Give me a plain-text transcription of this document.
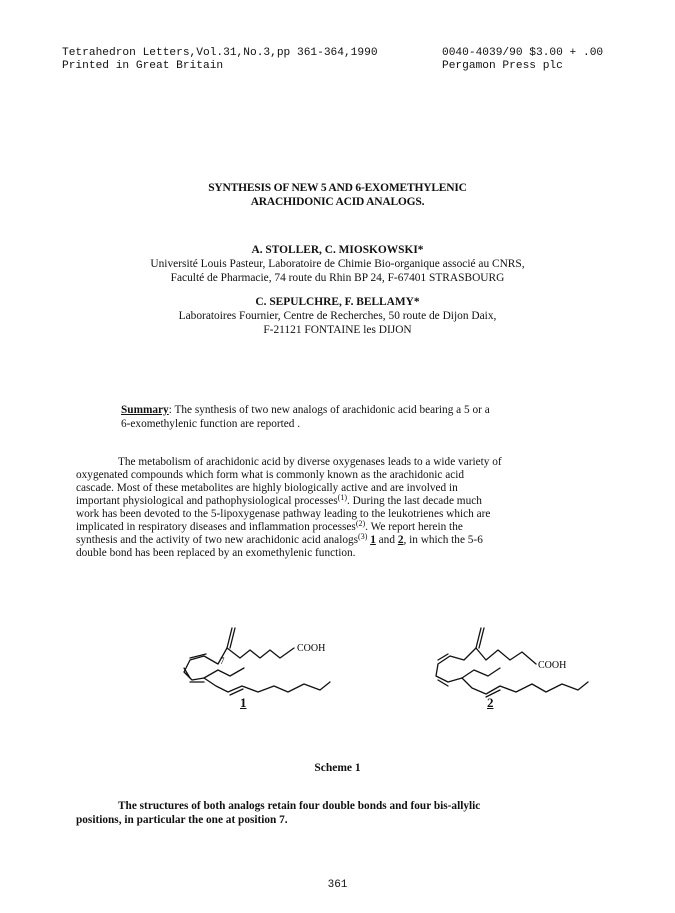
Tetrahedron Letters,Vol.31,No.3,pp 361-364,1990
Printed in Great Britain
0040-4039/90 $3.00 + .00
Pergamon Press plc
SYNTHESIS OF NEW 5 AND 6-EXOMETHYLENIC
ARACHIDONIC ACID ANALOGS.
A. STOLLER, C. MIOSKOWSKI*
Université Louis Pasteur, Laboratoire de Chimie Bio-organique associé au CNRS,
Faculté de Pharmacie, 74 route du Rhin BP 24, F-67401 STRASBOURG
C. SEPULCHRE, F. BELLAMY*
Laboratoires Fournier, Centre de Recherches, 50 route de Dijon Daix,
F-21121 FONTAINE les DIJON
Summary: The synthesis of two new analogs of arachidonic acid bearing a 5 or a
6-exomethylenic function are reported .
The metabolism of arachidonic acid by diverse oxygenases leads to a wide variety of
oxygenated compounds which form what is commonly known as the arachidonic acid
cascade. Most of these metabolites are highly biologically active and are involved in
important physiological and pathophysiological processes$^{(1)}$. During the last decade much
work has been devoted to the 5-lipoxygenase pathway leading to the leukotrienes which are
implicated in respiratory diseases and inflammation processes$^{(2)}$. We report herein the
synthesis and the activity of two new arachidonic acid analogs$^{(3)}$ 1 and 2, in which the 5-6
double bond has been replaced by an exomethylenic function.
COOH
7	COOH
1	2
Scheme 1
The structures of both analogs retain four double bonds and four bis-allylic
positions, in particular the one at position 7.
361
